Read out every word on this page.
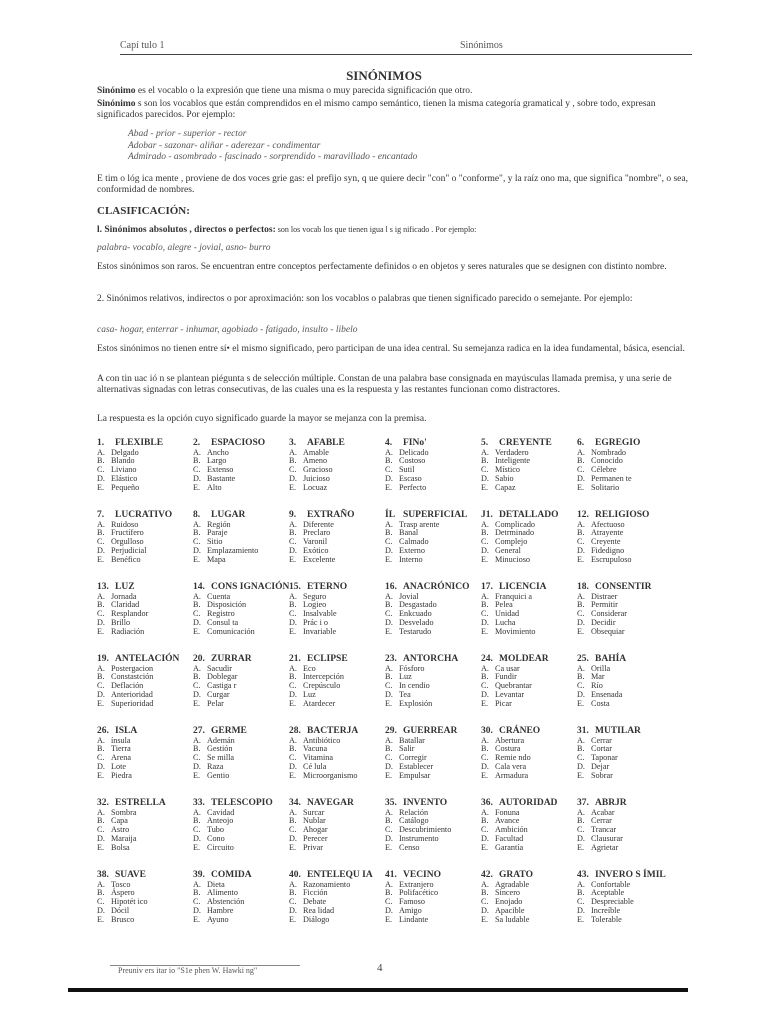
Capí tulo 1	Sinónimos
SINÓNIMOS
Sinónimo es el vocablo o la expresión que tiene una misma o muy parecida significación que otro.
Sinónimo s son los vocablos que están comprendidos en el mismo campo semántico, tienen la misma categoría gramatical y , sobre todo, expresan significados parecidos. Por ejemplo:
Abad - prior - superior - rector
Adobar - sazonar- aliñar - aderezar - condimentar
Admirado - asombrado - fascinado - sorprendido - maravillado - encantado
E tim o lóg ica mente , proviene de dos voces grie gas: el prefijo syn, q ue quiere decir "con" o "conforme", y la raíz ono ma, que significa "nombre", o sea, conformidad de nombres.
CLASIFICACIÓN:
l. Sinónimos absolutos , directos o perfectos: son los vocab los que tienen igua l s ig nificado . Por ejemplo:
palabra- vocablo, alegre - jovial, asno- burro
Estos sinónimos son raros. Se encuentran entre conceptos perfectamente definidos o en objetos y seres naturales que se designen con distinto nombre.
2. Sinónimos relativos, indirectos o por aproximación: son los vocablos o palabras que tienen significado parecido o semejante. Por ejemplo:
casa- hogar, enterrar - inhumar, agobiado - fatigado, insulto - libelo
Estos sinónimos no tienen entre sí• el mismo significado, pero participan de una idea central. Su semejanza radica en la idea fundamental, básica, esencial.
A con tin uac ió n se plantean piégunta s de selección múltiple. Constan de una palabra base consignada en mayúsculas llamada premisa, y una serie de alternativas signadas con letras consecutivas, de las cuales una es la respuesta y las restantes funcionan como distractores.
La respuesta es la opción cuyo significado guarde la mayor se mejanza con la premisa.
1. FLEXIBLE
A. Delgado
B. Blando
C. Liviano
D. Elástico
E. Pequeño
2. ESPACIOSO
A. Ancho
B. Largo
C. Extenso
D. Bastante
E. Alto
3. AFABLE
A. Amable
B. Ameno
C. Gracioso
D. Juicioso
E. Locuaz
4. FINo'
A. Delicado
B. Costoso
C. Sutil
D. Escaso
E. Perfecto
5. CREYENTE
A. Verdadero
B. Inteligente
C. Místico
D. Sabio
E. Capaz
6. EGREGIO
A. Nombrado
B. Conocido
C. Célebre
D. Permanen te
E. Solitario
7. LUCRATIVO
A. Ruidoso
B. Fructífero
C. Orgulloso
D. Perjudicial
E. Benéfico
8. LUGAR
A. Región
B. Paraje
C. Sitio
D. Emplazamiento
E. Mapa
9. EXTRAÑO
A. Diferente
B. Preclaro
C. Varonil
D. Exótico
E. Excelente
ÍL SUPERFICIAL
A. Trasp arente
B. Banal
C. Calmado
D. Externo
E. Interno
J1. DETALLADO
A. Complicado
B. Detrminado
C. Complejo
D. General
E. Minucioso
12. RELIGIOSO
A. Afectuoso
B. Atrayente
C. Creyente
D. Fidedigno
E. Escrupuloso
13. LUZ
A. Jornada
B. Claridad
C. Resplandor
D. Brillo
E. Radiación
14. CONS IGNACIÓN
A. Cuenta
B. Disposición
C. Registro
D. Consul ta
E. Comunicación
15. ETERNO
A. Seguro
B. Logieo
C. Insalvable
D. Prác i o
E. Invariable
16. ANACRÓNICO
A. Jovial
B. Desgastado
C. Enkcuado
D. Desvelado
E. Testarudo
17. LICENCIA
A. Franquici a
B. Pelea
C. Unidad
D. Lucha
E. Movimiento
18. CONSENTIR
A. Distraer
B. Permitir
C. Considerar
D. Decidir
E. Obsequiar
19. ANTELACIÓN
A. Postergacion
B. Constastción
C. Deflación
D. Anterioridad
E. Superioridad
20. ZURRAR
A. Sacudir
B. Doblegar
C. Castiga r
D. Curgar
E. Pelar
21. ECLIPSE
A. Eco
B. Intercepción
C. Crepúsculo
D. Luz
E. Atardecer
23. ANTORCHA
A. Fósforo
B. Luz
C. In cendio
D. Tea
E. Explosión
24. MOLDEAR
A. Ca usar
B. Fundir
C. Quebrantar
D. Levantar
E. Picar
25. BAHÍA
A. Orilla
B. Mar
C. Río
D. Ensenada
E. Costa
26. ISLA
A. ínsula
B. Tierra
C. Arena
D. Lote
E. Piedra
27. GERME
A. Ademán
B. Gestión
C. Se milla
D. Raza
E. Gentio
28. BACTERJA
A. Antibiótico
B. Vacuna
C. Vitamina
D. Cé lula
E. Microorganismo
29. GUERREAR
A. Batallar
B. Salir
C. Corregir
D. Establecer
E. Empulsar
30. CRÁNEO
A. Abertura
B. Costura
C. Remie ndo
D. Cala vera
E. Armadura
31. MUTILAR
A. Cerrar
B. Cortar
C. Taponar
D. Dejar
E. Sobrar
32. ESTRELLA
A. Sombra
B. Capa
C. Astro
D. Maraija
E. Bolsa
33. TELESCOPIO
A. Cavidad
B. Anteojo
C. Tubo
D. Cono
E. Circuito
34. NAVEGAR
A. Surcar
B. Nublar
C. Ahogar
D. Perecer
E. Privar
35. INVENTO
A. Relación
B. Catálogo
C. Descubrimiento
D. Instrumento
E. Censo
36. AUTORIDAD
A. Fonuna
B. Avance
C. Ambición
D. Facultad
E. Garantía
37. ABRJR
A. Acabar
B. Cerrar
C. Trancar
D. Clausurar
E. Agrietar
38. SUAVE
A. Tosco
B. Áspero
C. Hipotét ico
D. Dócil
E. Brusco
39. COMIDA
A. Dieta
B. Alimento
C. Abstención
D. Hambre
E. Ayuno
40. ENTELEQU IA
A. Razonamiento
B. Ficción
C. Debate
D. Rea lidad
E. Diálogo
41. VECINO
A. Extranjero
B. Polifacético
C. Famoso
D. Amigo
E. Lindante
42. GRATO
A. Agradable
B. Sincero
C. Enojado
D. Apacible
E. Sa ludable
43. INVERO S ÍMIL
A. Confortable
B. Aceptable
C. Despreciable
D. Increíble
E. Tolerable
Preuniv ers itar io "S1e phen W. Hawki ng"	4
